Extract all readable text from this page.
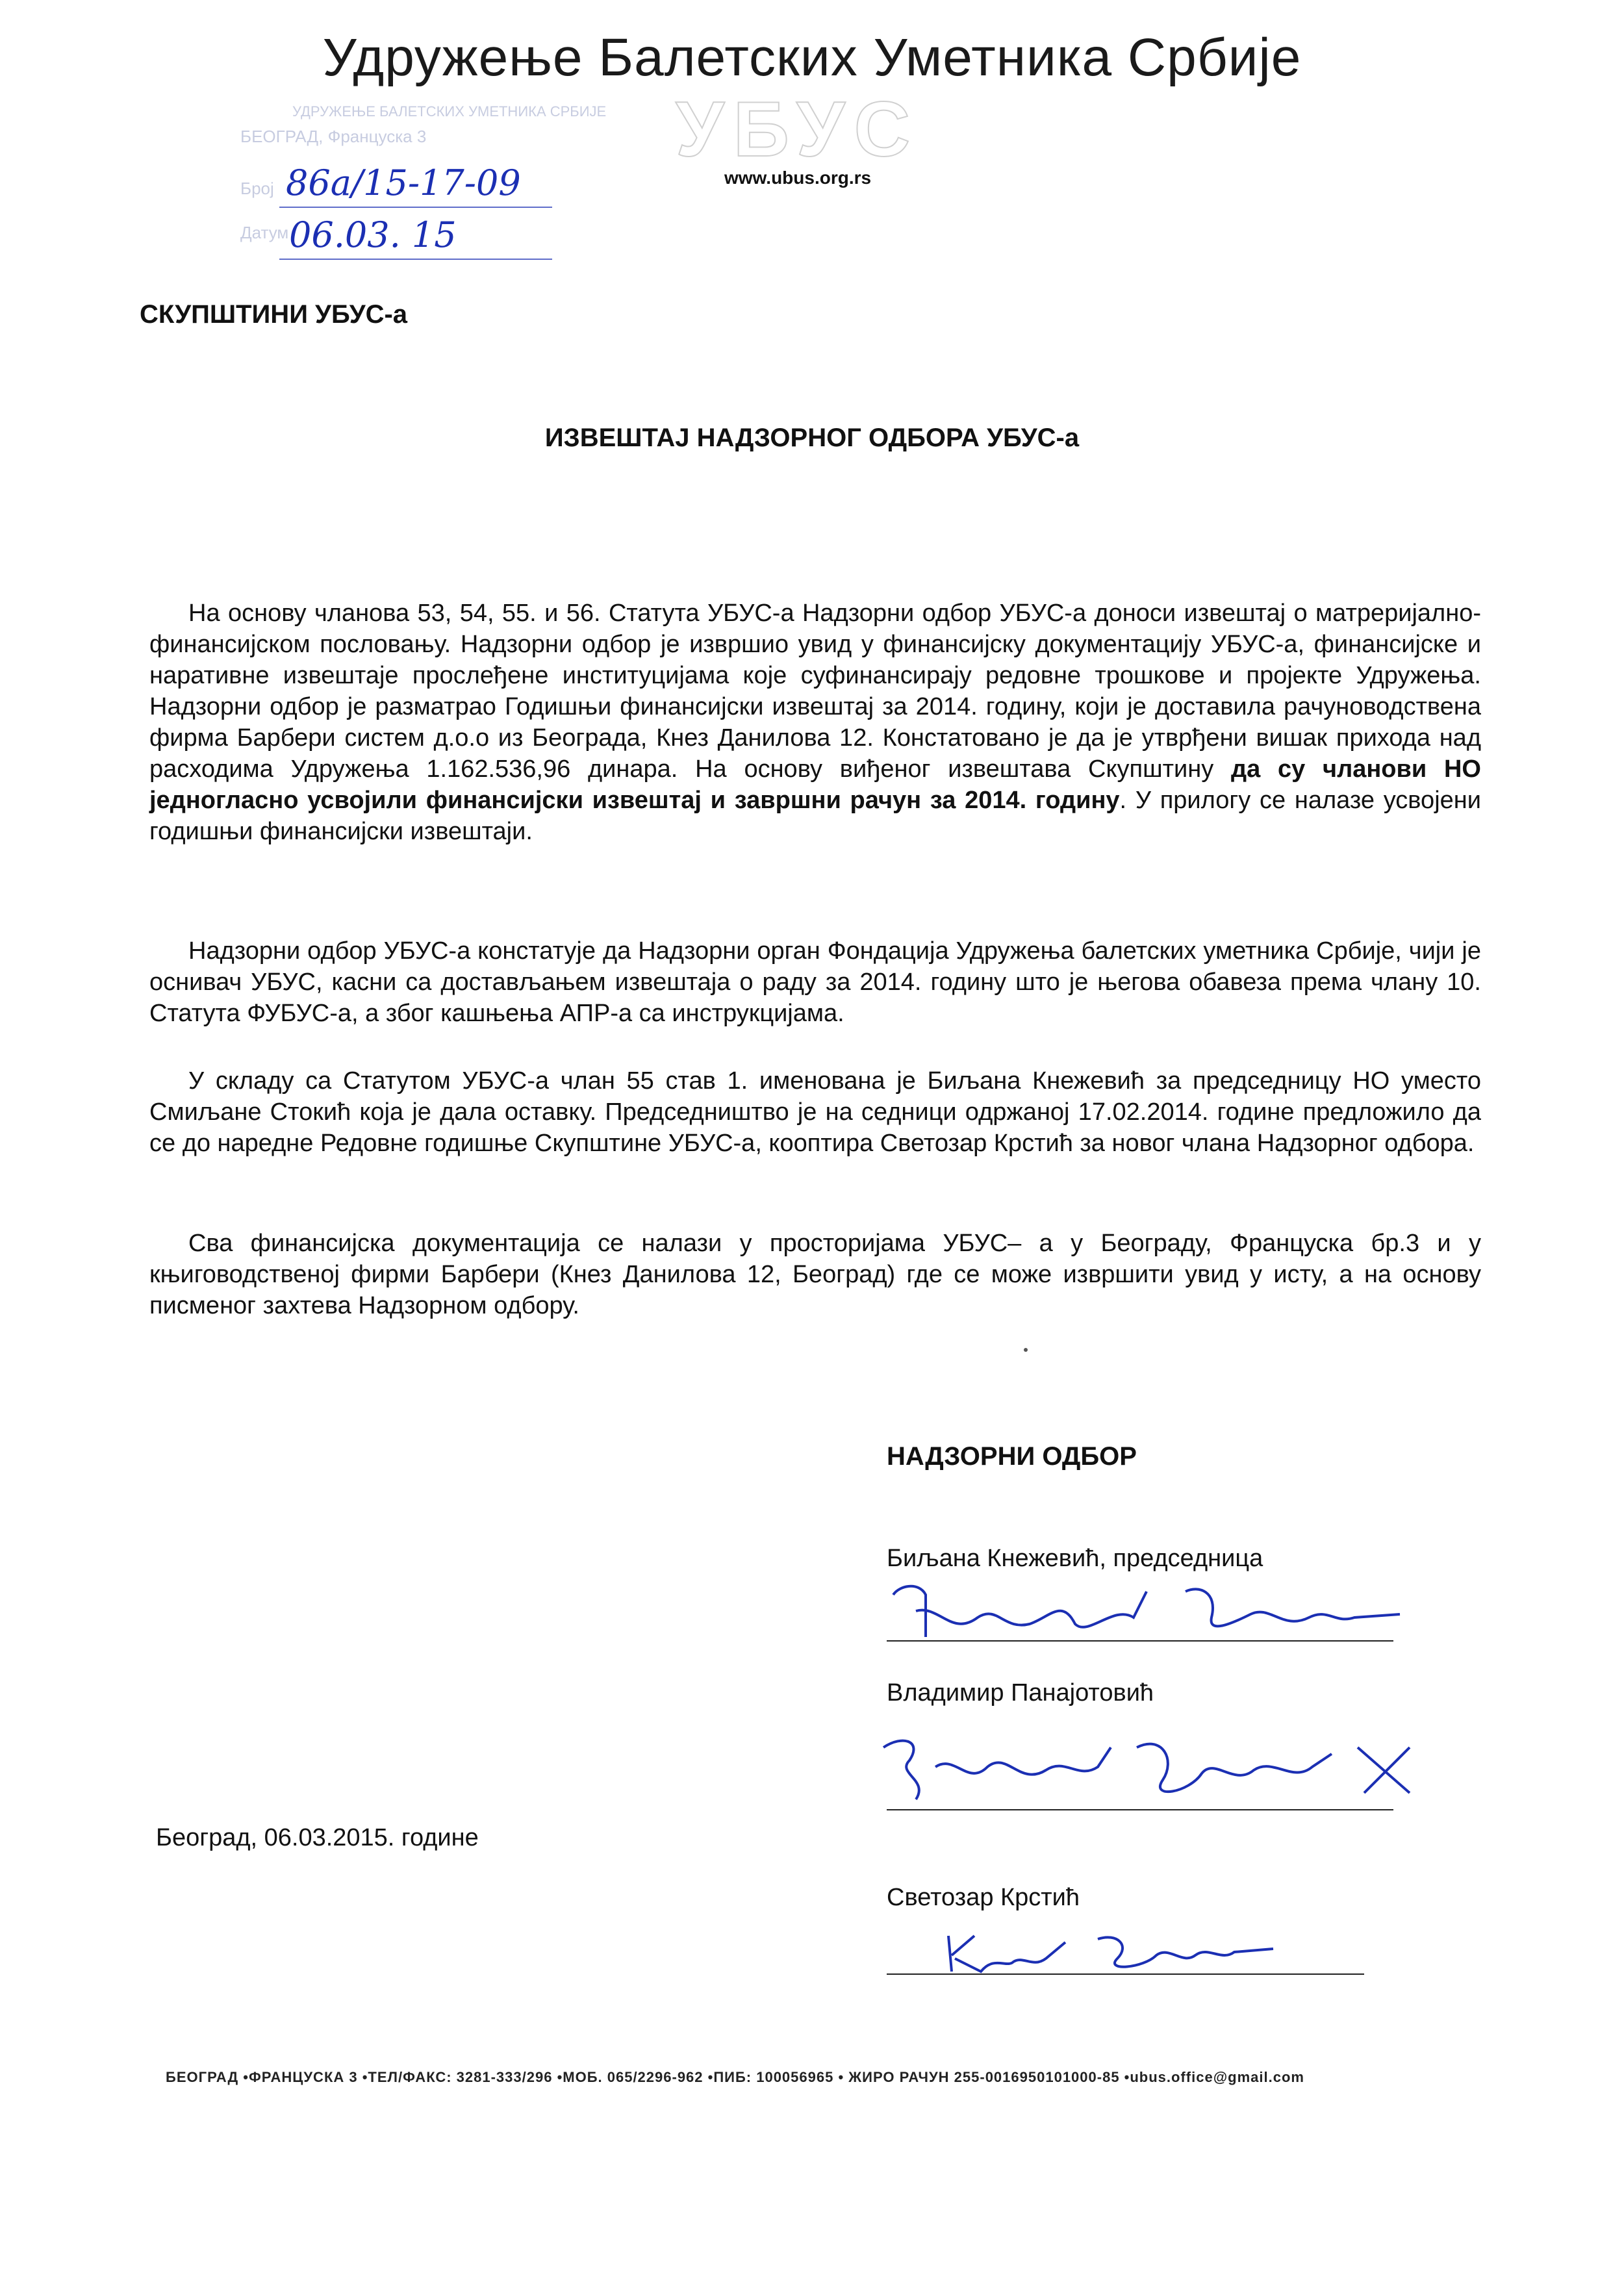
Удружење Балетских Уметника Србије
УБУС
www.ubus.org.rs
УДРУЖЕЊЕ БАЛЕТСКИХ УМЕТНИКА СРБИЈЕ
БЕОГРАД, Француска 3
Број
Датум
86а/15-17-09
06.03. 15
СКУПШТИНИ УБУС-а
ИЗВЕШТАЈ НАДЗОРНОГ ОДБОРА УБУС-а

На основу чланова 53, 54, 55. и 56. Статута УБУС-а Надзорни одбор УБУС-а доноси извештај о матреријално-финансијском пословању. Надзорни одбор је извршио увид у финансијску документацију УБУС-а, финансијске и наративне извештаје прослеђене институцијама које суфинансирају редовне трошкове и пројекте Удружења. Надзорни одбор је разматрао Годишњи финансијски извештај за 2014. годину, који је доставила рачуноводствена фирма Барбери систем д.о.о из Београда, Кнез Данилова 12. Констатовано је да је утврђени вишак прихода над расходима Удружења 1.162.536,96 динара. На основу виђеног извештава Скупштину да су чланови НО једногласно усвојили финансијски извештај и завршни рачун за 2014. годину. У прилогу се налазе усвојени годишњи финансијски извештаји.

Надзорни одбор УБУС-а констатује да Надзорни орган Фондација Удружења балетских уметника Србије, чији је оснивач УБУС, касни са достављањем извештаја о раду за 2014. годину што је његова обавеза према члану 10. Статута ФУБУС-а, а због кашњења АПР-а са инструкцијама.

У складу са Статутом УБУС-а члан 55 став 1. именована је Биљана Кнежевић за председницу НО уместо Смиљане Стокић која је дала оставку. Председништво је на седници одржаној 17.02.2014. године предложило да се до наредне Редовне годишње Скупштине УБУС-а, кооптира Светозар Крстић за новог члана Надзорног одбора.

Сва финансијска документација се налази у просторијама УБУС– а у Београду, Француска бр.3 и у књиговодственој фирми Барбери (Кнез Данилова 12, Београд) где се може извршити увид у исту, а на основу писменог захтева Надзорном одбору.

НАДЗОРНИ ОДБОР
Биљана Кнежевић, председница
Владимир Панајотовић
Београд, 06.03.2015. године
Светозар Крстић
БЕОГРАД •ФРАНЦУСКА 3 •ТЕЛ/ФАКС: 3281-333/296 •МОБ. 065/2296-962 •ПИБ: 100056965 • ЖИРО РАЧУН 255-0016950101000-85 •ubus.office@gmail.com
